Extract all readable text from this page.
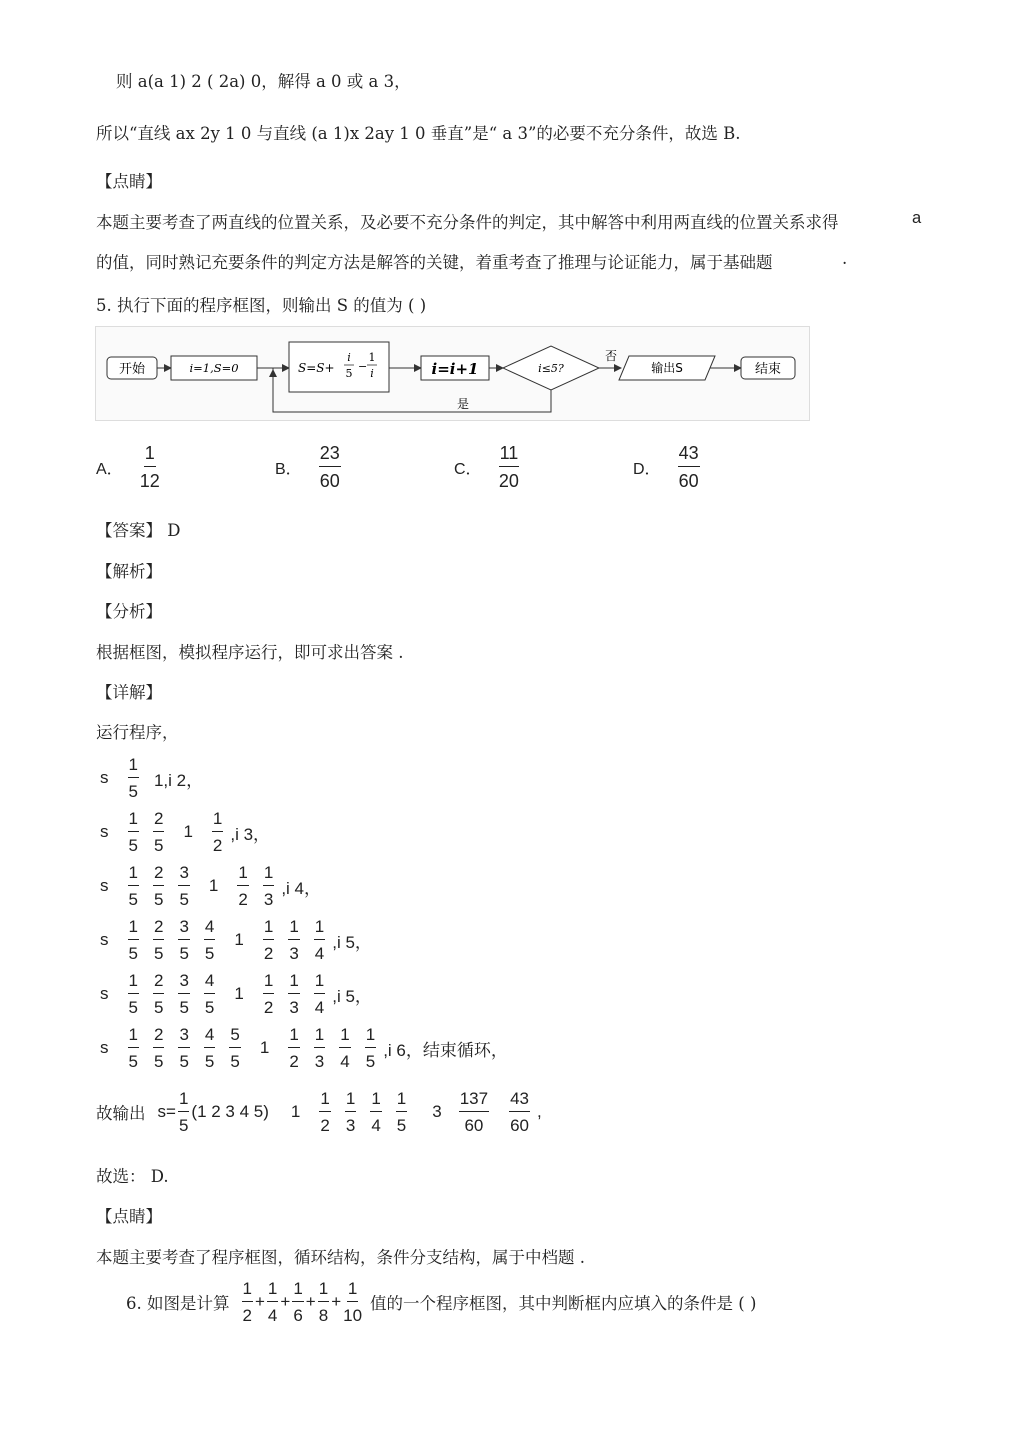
则 a(a 1) 2 ( 2a) 0，解得 a 0 或 a 3，
所以“直线 ax 2y 1 0 与直线 (a 1)x 2ay 1 0 垂直”是“ a 3”的必要不充分条件，故选 B.
【点睛】
本题主要考查了两直线的位置关系，及必要不充分条件的判定，其中解答中利用两直线的位置关系求得	a
的值，同时熟记充要条件的判定方法是解答的关键，着重考查了推理与论证能力，属于基础题	.
5. 执行下面的程序框图，则输出 S 的值为 ( )
开始	i=1,S=0	S=S+
i
5
−
1
i	i=i+1	i≤5?
否
输出S	结束
是
A． $\frac{1}{12}$	B． $\frac{23}{60}$	C． $\frac{11}{20}$	D． $\frac{43}{60}$
【答案】 D
【解析】
【分析】
根据框图，模拟程序运行，即可求出答案 .
【详解】
运行程序，
s $\frac{1}{5} 1,i$ 2，
s $\frac{1}{5} \frac{2}{5} 1 \frac{1}{2} ,i$ 3，
s $\frac{1}{5} \frac{2}{5} \frac{3}{5} 1 \frac{1}{2} \frac{1}{3} ,i$ 4，
s $\frac{1}{5} \frac{2}{5} \frac{3}{5} \frac{4}{5} 1 \frac{1}{2} \frac{1}{3} \frac{1}{4} ,i$ 5，
s $\frac{1}{5} \frac{2}{5} \frac{3}{5} \frac{4}{5} 1 \frac{1}{2} \frac{1}{3} \frac{1}{4} ,i$ 5，
s $\frac{1}{5} \frac{2}{5} \frac{3}{5} \frac{4}{5} \frac{5}{5} 1 \frac{1}{2} \frac{1}{3} \frac{1}{4} \frac{1}{5} ,i$ 6，结束循环，
故输出 $s= \frac{1}{5} (1$ 2 3 4 5) $1 \frac{1}{2} \frac{1}{3} \frac{1}{4} \frac{1}{5} 3 \frac{137}{60} \frac{43}{60}$ ,
故选： D.
【点睛】
本题主要考查了程序框图，循环结构，条件分支结构，属于中档题 .
6. 如图是计算 $\frac{1}{2} + \frac{1}{4} + \frac{1}{6} + \frac{1}{8} + \frac{1}{10}$ 值的一个程序框图，其中判断框内应填入的条件是 ( )
